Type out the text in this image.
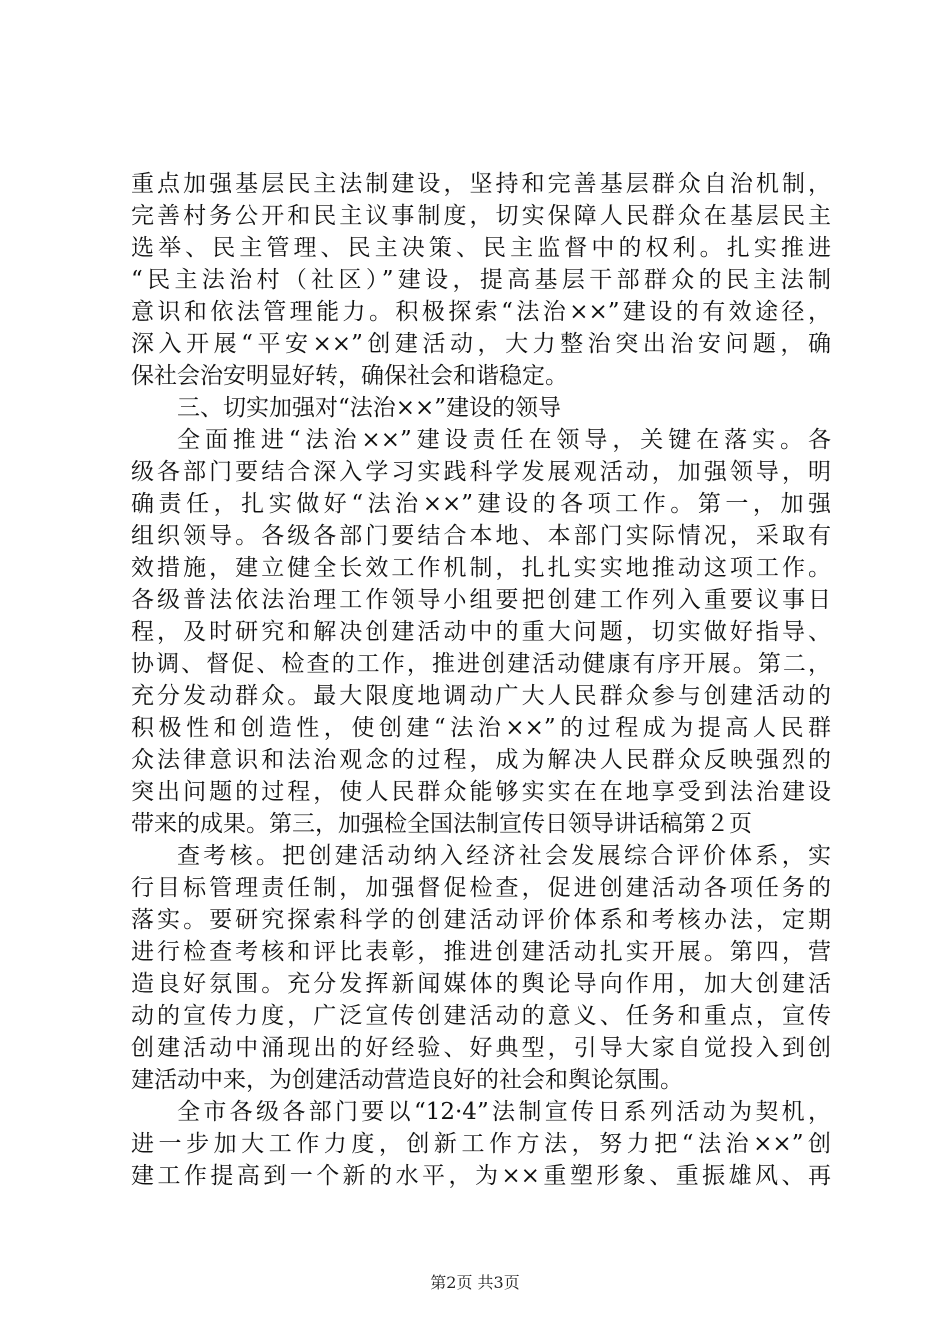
重点加强基层民主法制建设，坚持和完善基层群众自治机制，
完善村务公开和民主议事制度，切实保障人民群众在基层民主
选举、民主管理、民主决策、民主监督中的权利。扎实推进
“民主法治村（社区）”建设，提高基层干部群众的民主法制
意识和依法管理能力。积极探索“法治××”建设的有效途径，
深入开展“平安××”创建活动，大力整治突出治安问题，确
保社会治安明显好转，确保社会和谐稳定。
三、切实加强对“法治××”建设的领导
全面推进“法治××”建设责任在领导，关键在落实。各
级各部门要结合深入学习实践科学发展观活动，加强领导，明
确责任，扎实做好“法治××”建设的各项工作。第一，加强
组织领导。各级各部门要结合本地、本部门实际情况，采取有
效措施，建立健全长效工作机制，扎扎实实地推动这项工作。
各级普法依法治理工作领导小组要把创建工作列入重要议事日
程，及时研究和解决创建活动中的重大问题，切实做好指导、
协调、督促、检查的工作，推进创建活动健康有序开展。第二，
充分发动群众。最大限度地调动广大人民群众参与创建活动的
积极性和创造性，使创建“法治××”的过程成为提高人民群
众法律意识和法治观念的过程，成为解决人民群众反映强烈的
突出问题的过程，使人民群众能够实实在在地享受到法治建设
带来的成果。第三，加强检全国法制宣传日领导讲话稿第２页
查考核。把创建活动纳入经济社会发展综合评价体系，实
行目标管理责任制，加强督促检查，促进创建活动各项任务的
落实。要研究探索科学的创建活动评价体系和考核办法，定期
进行检查考核和评比表彰，推进创建活动扎实开展。第四，营
造良好氛围。充分发挥新闻媒体的舆论导向作用，加大创建活
动的宣传力度，广泛宣传创建活动的意义、任务和重点，宣传
创建活动中涌现出的好经验、好典型，引导大家自觉投入到创
建活动中来，为创建活动营造良好的社会和舆论氛围。
全市各级各部门要以“12·4”法制宣传日系列活动为契机，
进一步加大工作力度，创新工作方法，努力把“法治××”创
建工作提高到一个新的水平，为××重塑形象、重振雄风、再
第2页 共3页
